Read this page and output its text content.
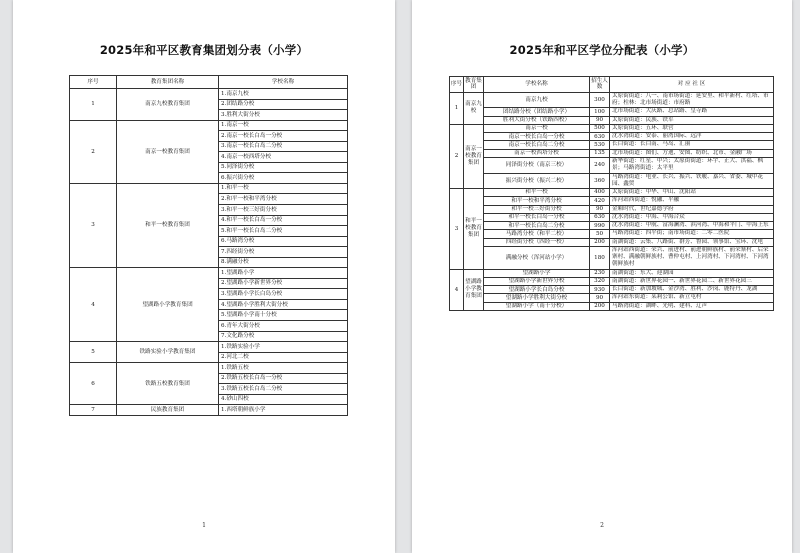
2025年和平区教育集团划分表（小学）
序号	教育集团名称	学校名称
1	南京九校教育集团	1.南京九校
		2.团结路分校
		3.胜利大街分校
2	南京一校教育集团	1.南京一校
		2.南京一校长白岛一分校
		3.南京一校长白岛二分校
		4.南京一校西塔分校
		5.同泽街分校
		6.振兴街分校
3	和平一校教育集团	1.和平一校
		2.和平一校和平湾分校
		3.和平一校三好街分校
		4.和平一校长白岛一分校
		5.和平一校长白岛二分校
		6.马路湾分校
		7.四经街分校
		8.满融分校
4	望湖路小学教育集团	1.望湖路小学
		2.望湖路小学新世界分校
		3.望湖路小学长白岛分校
		4.望湖路小学胜利大街分校
		5.望湖路小学南十分校
		6.青年大街分校
		7.文化路分校
5	铁路实验小学教育集团	1.铁路实验小学
		2.河北二校
6	铁路五校教育集团	1.铁路五校
		2.铁路五校长白岛一分校
		3.铁路五校长白岛二分校
		4.砂山四校
7	民族教育集团	1.西塔朝鲜族小学
1
2025年和平区学位分配表（小学）
序号	教育集团	学校名称	招生人数	对 应 社 区
1	南京九校	南京九校	300	太原街街道：八一、南市场街道：延安里、和平新村、红塔、市府；柱林：北市场街道：市府路
		团结路分校（团结路小学）	100	北市场街道：大庆路、总站路、皇寺路
		胜利大街分校（铁路四校）	90	太原街街道：民族、铁军
2	南京一校教育集团	南京一校	500	太原街街道：五环、联营
		南京一校长白岛一分校	630	沈水湾街道：安泰、丽湾国际、远洋
		南京一校长白岛二分校	530	长白街道：长白南、马岛、汇丽
		南京一校西塔分校	135	北市场街道：图们、方迪、安图、纺织、北市、金融广场
		同泽街分校（南京三校）	240	新华街道：红星、中兴；太原街街道：环宇、正大、洪福、枫景；马路湾街道：太平里
		振兴街分校（振兴二校）	360	马路湾街道：电业、长兴、振兴、铁履、嘉兴、省委、城中花园、鑫贸
3	和平一校教育集团	和平一校	400	太原街街道：中华、中山、沈阳站
		和平一校和平湾分校	420	浑河站西街道：悦融、平融
		和平一校三好街分校	90	金厢时代，世纪嘉德学府
		和平一校长白岛一分校	630	沈水湾街道：中海、中海合众
		和平一校长白岛二分校	990	沈水湾街道：中航、富海澜湾、滨河湾、中海和平门、中海上东
		马路湾分校（和平二校）	50	马路湾街道：四平街；南市场街道：二零二医院
		四经街分校（四经一校）	200	南湖街道：云集、八路街、群芳、鲁园、领事馆、宝环、沈电
		满融分校（浑河站小学）	180	浑河站西街道：荣兴、前进村、前进朝鲜族村、前荣寨村、后荣寨村、满融朝鲜族村、曹仲屯村、上河湾村、下河湾村、下河湾朝鲜族村
4	望湖路小学教育集团	望湖路小学	230	南湖街道：东大、迎湖园
		望湖路小学新世界分校	320	南湖街道：新世界花园一、新世界花园二、新世界花园三
		望湖路小学长白岛分校	930	长白街道：新加坡城、金沙湾、胜利、沙岗、鹿特丹、龙湖
		望湖路小学胜利大街分校	90	浑河站东街道：某莉公馆、新立屯村
		望湖路小学（南十分校）	200	马路湾街道：湖畔、光明、建科、辽声
2
